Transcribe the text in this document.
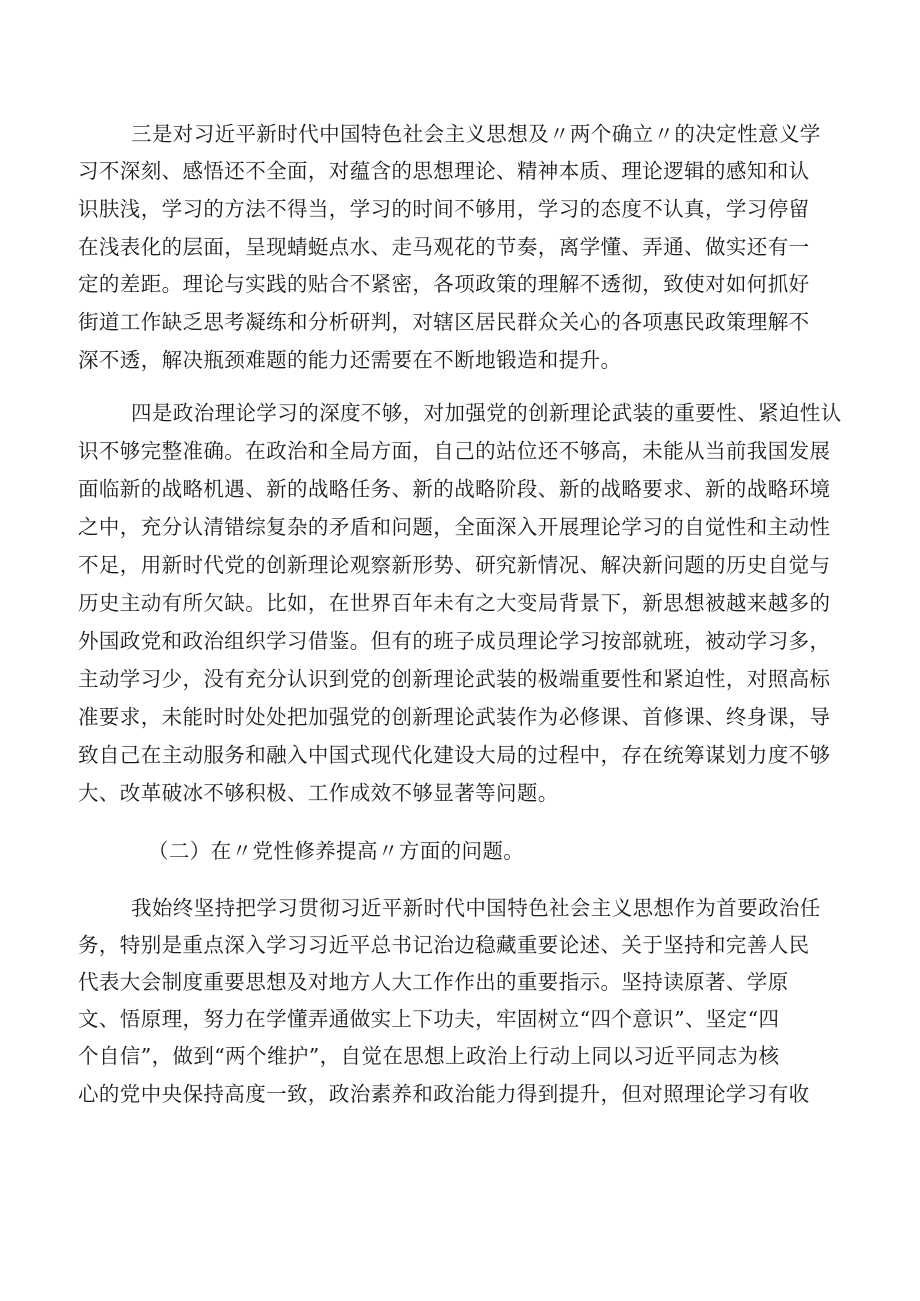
三是对习近平新时代中国特色社会主义思想及〃两个确立〃的决定性意义学

习不深刻、感悟还不全面，对蕴含的思想理论、精神本质、理论逻辑的感知和认

识肤浅，学习的方法不得当，学习的时间不够用，学习的态度不认真，学习停留

在浅表化的层面，呈现蜻蜓点水、走马观花的节奏，离学懂、弄通、做实还有一

定的差距。理论与实践的贴合不紧密，各项政策的理解不透彻，致使对如何抓好

街道工作缺乏思考凝练和分析研判，对辖区居民群众关心的各项惠民政策理解不

深不透，解决瓶颈难题的能力还需要在不断地锻造和提升。

四是政治理论学习的深度不够，对加强党的创新理论武装的重要性、紧迫性认

识不够完整准确。在政治和全局方面，自己的站位还不够高，未能从当前我国发展

面临新的战略机遇、新的战略任务、新的战略阶段、新的战略要求、新的战略环境

之中，充分认清错综复杂的矛盾和问题，全面深入开展理论学习的自觉性和主动性

不足，用新时代党的创新理论观察新形势、研究新情况、解决新问题的历史自觉与

历史主动有所欠缺。比如，在世界百年未有之大变局背景下，新思想被越来越多的

外国政党和政治组织学习借鉴。但有的班子成员理论学习按部就班，被动学习多，

主动学习少，没有充分认识到党的创新理论武装的极端重要性和紧迫性，对照高标

准要求，未能时时处处把加强党的创新理论武装作为必修课、首修课、终身课，导

致自己在主动服务和融入中国式现代化建设大局的过程中，存在统筹谋划力度不够

大、改革破冰不够积极、工作成效不够显著等问题。

（二）在〃党性修养提高〃方面的问题。

我始终坚持把学习贯彻习近平新时代中国特色社会主义思想作为首要政治任

务，特别是重点深入学习习近平总书记治边稳藏重要论述、关于坚持和完善人民

代表大会制度重要思想及对地方人大工作作出的重要指示。坚持读原著、学原

文、悟原理，努力在学懂弄通做实上下功夫，牢固树立“四个意识”、坚定“四

个自信”，做到“两个维护”，自觉在思想上政治上行动上同以习近平同志为核

心的党中央保持高度一致，政治素养和政治能力得到提升，但对照理论学习有收
